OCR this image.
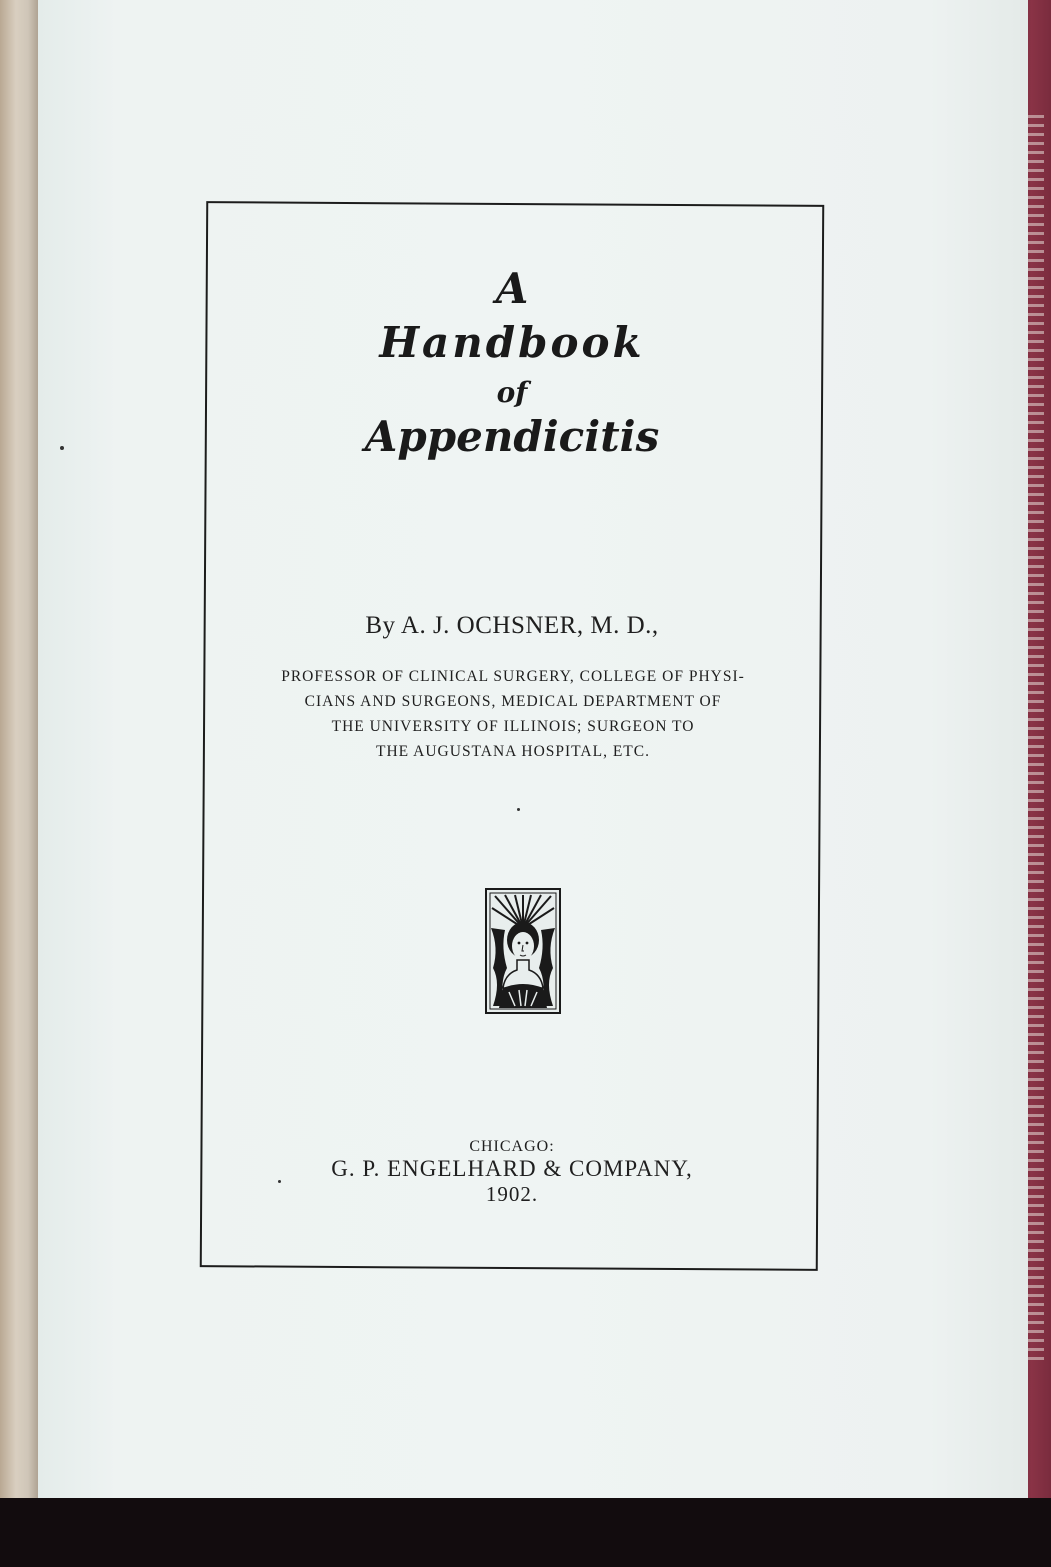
A
Handbook
of
Appendicitis
By A. J. OCHSNER, M. D.,
PROFESSOR OF CLINICAL SURGERY, COLLEGE OF PHYSI-
CIANS AND SURGEONS, MEDICAL DEPARTMENT OF
THE UNIVERSITY OF ILLINOIS; SURGEON TO
THE AUGUSTANA HOSPITAL, ETC.
CHICAGO:
G. P. ENGELHARD & COMPANY,
1902.
